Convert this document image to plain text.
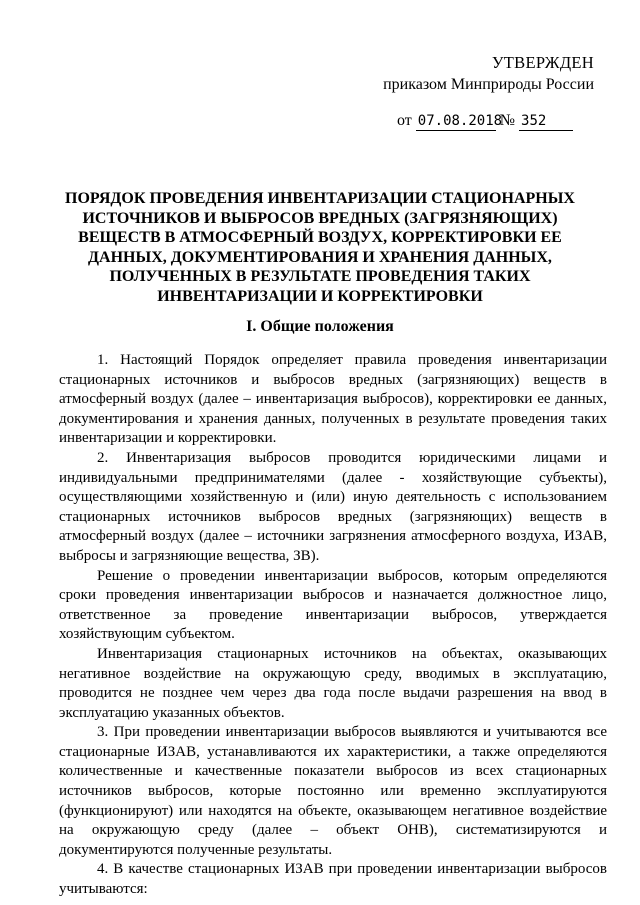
УТВЕРЖДЕН
приказом Минприроды России
от 07.08.2018 № 352
ПОРЯДОК ПРОВЕДЕНИЯ ИНВЕНТАРИЗАЦИИ СТАЦИОНАРНЫХ ИСТОЧНИКОВ И ВЫБРОСОВ ВРЕДНЫХ (ЗАГРЯЗНЯЮЩИХ) ВЕЩЕСТВ В АТМОСФЕРНЫЙ ВОЗДУХ, КОРРЕКТИРОВКИ ЕЕ ДАННЫХ, ДОКУМЕНТИРОВАНИЯ И ХРАНЕНИЯ ДАННЫХ, ПОЛУЧЕННЫХ В РЕЗУЛЬТАТЕ ПРОВЕДЕНИЯ ТАКИХ ИНВЕНТАРИЗАЦИИ И КОРРЕКТИРОВКИ
I. Общие положения

1. Настоящий Порядок определяет правила проведения инвентаризации стационарных источников и выбросов вредных (загрязняющих) веществ в атмосферный воздух (далее – инвентаризация выбросов), корректировки ее данных, документирования и хранения данных, полученных в результате проведения таких инвентаризации и корректировки.

2. Инвентаризация выбросов проводится юридическими лицами и индивидуальными предпринимателями (далее - хозяйствующие субъекты), осуществляющими хозяйственную и (или) иную деятельность с использованием стационарных источников выбросов вредных (загрязняющих) веществ в атмосферный воздух (далее – источники загрязнения атмосферного воздуха, ИЗАВ, выбросы и загрязняющие вещества, ЗВ).

Решение о проведении инвентаризации выбросов, которым определяются сроки проведения инвентаризации выбросов и назначается должностное лицо, ответственное за проведение инвентаризации выбросов, утверждается хозяйствующим субъектом.

Инвентаризация стационарных источников на объектах, оказывающих негативное воздействие на окружающую среду, вводимых в эксплуатацию, проводится не позднее чем через два года после выдачи разрешения на ввод в эксплуатацию указанных объектов.

3. При проведении инвентаризации выбросов выявляются и учитываются все стационарные ИЗАВ, устанавливаются их характеристики, а также определяются количественные и качественные показатели выбросов из всех стационарных источников выбросов, которые постоянно или временно эксплуатируются (функционируют) или находятся на объекте, оказывающем негативное воздействие на окружающую среду (далее – объект ОНВ), систематизируются и документируются полученные результаты.

4. В качестве стационарных ИЗАВ при проведении инвентаризации выбросов учитываются:
